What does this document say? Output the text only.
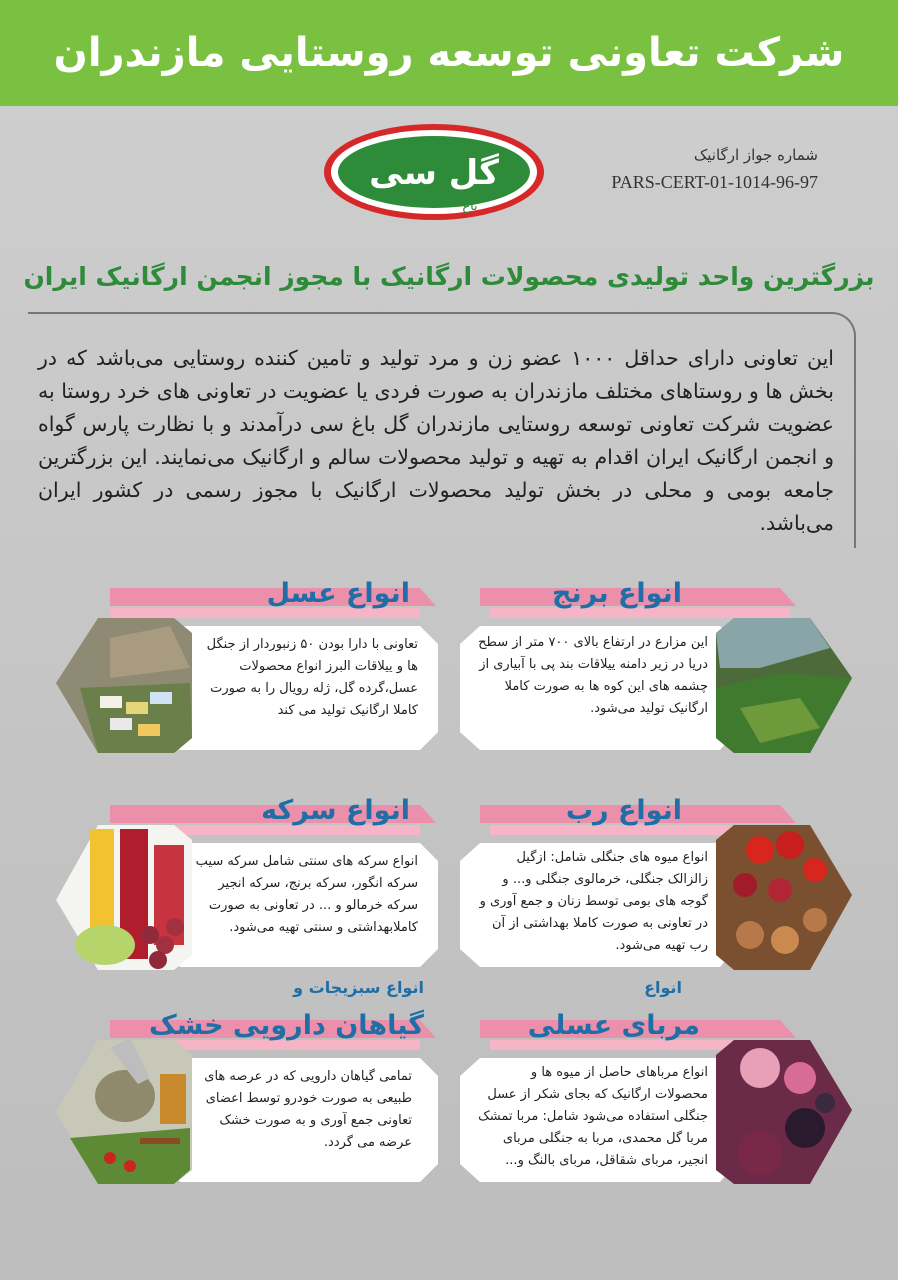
شرکت تعاونی توسعه روستایی مازندران
گل سی
باغ
شماره جواز ارگانیک
PARS-CERT-01-1014-96-97
بزرگترین واحد تولیدی محصولات ارگانیک با مجوز انجمن ارگانیک ایران

این تعاونی دارای حداقل ۱۰۰۰ عضو زن و مرد تولید و تامین کننده روستایی می‌باشد که در بخش ها و روستاهای مختلف مازندران به صورت فردی یا عضویت در تعاونی های خرد روستا به عضویت شرکت تعاونی توسعه روستایی مازندران گل باغ سی درآمدند و با نظارت پارس گواه و انجمن ارگانیک ایران اقدام به تهیه و تولید محصولات سالم و ارگانیک می‌نمایند. این بزرگترین جامعه بومی و محلی در بخش تولید محصولات ارگانیک با مجوز رسمی در کشور ایران می‌باشد.

انواع برنج
این مزارع در ارتفاع بالای ۷۰۰ متر از سطح دریا در زیر دامنه ییلاقات بند پی با آبیاری از چشمه های این کوه ها به صورت کاملا ارگانیک تولید می‌شود.
انواع عسل
تعاونی با دارا بودن ۵۰ زنبوردار از جنگل ها و ییلاقات البرز انواع محصولات عسل،گرده گل، ژله رویال را به صورت کاملا ارگانیک تولید می کند
انواع رب
انواع میوه های جنگلی شامل: ازگیل زالزالک جنگلی، خرمالوی جنگلی و... و گوجه های بومی توسط زنان و جمع آوری و در تعاونی به صورت کاملا بهداشتی از آن رب تهیه می‌شود.
انواع سرکه
انواع سرکه های سنتی شامل سرکه سیب سرکه انگور، سرکه برنج، سرکه انجیر سرکه خرمالو و ... در تعاونی به صورت کاملابهداشتی و سنتی تهیه می‌شود.
انواع
مربای عسلی
انواع مرباهای حاصل از میوه ها و محصولات ارگانیک که بجای شکر از عسل جنگلی استفاده می‌شود شامل: مربا تمشک مربا گل محمدی، مربا به جنگلی مربای انجیر، مربای شقاقل، مربای بالنگ و...
انواع سبزیجات و
گیاهان دارویی خشک
تمامی گیاهان دارویی که در عرصه های طبیعی به صورت خودرو توسط اعضای تعاونی جمع آوری و به صورت خشک عرضه می گردد.
